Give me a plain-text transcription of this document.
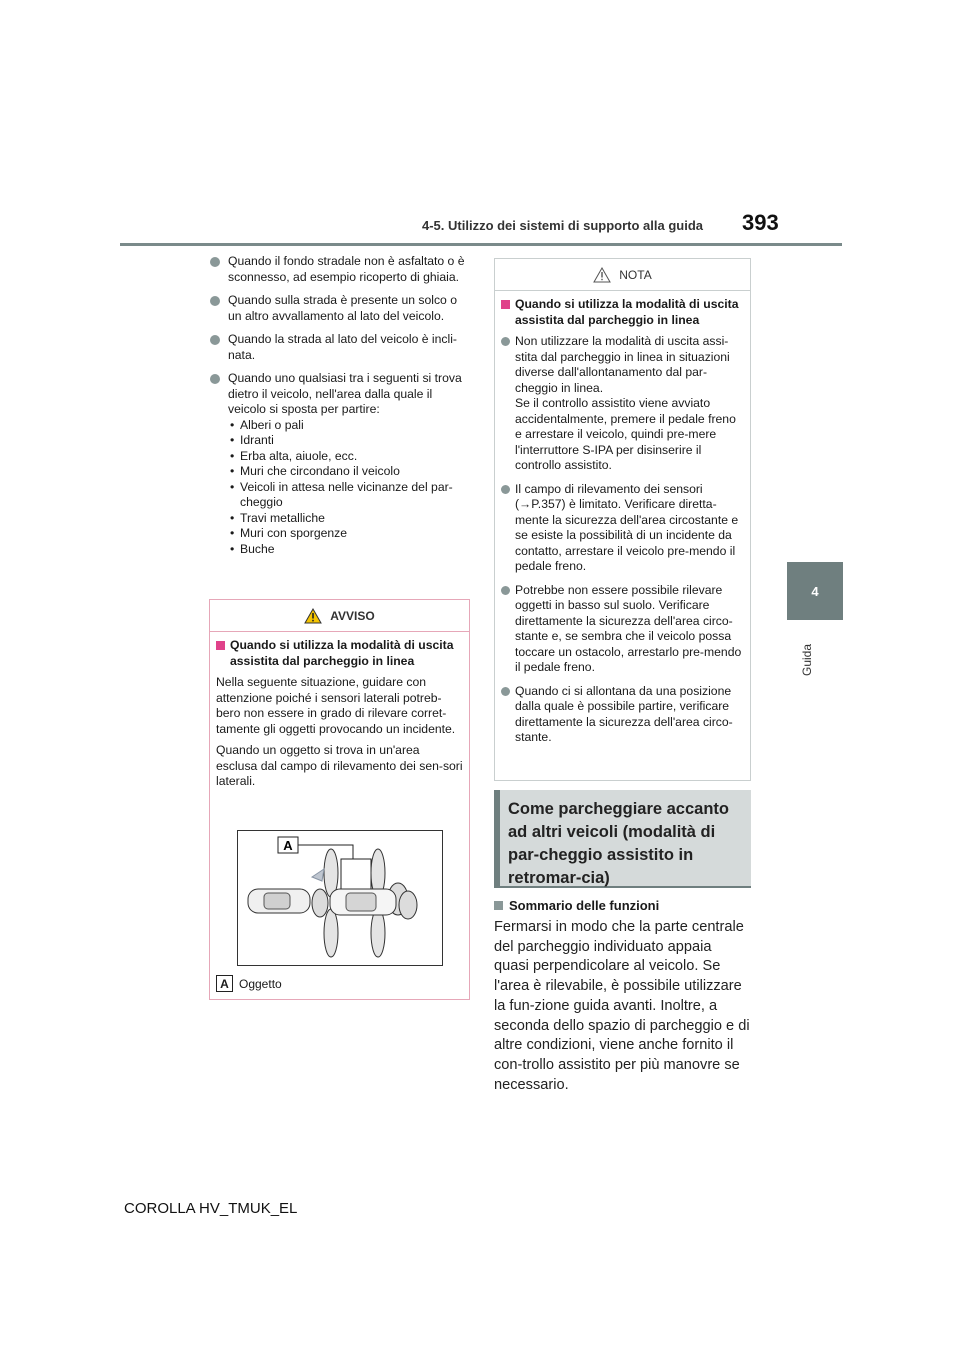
4-5. Utilizzo dei sistemi di supporto alla guida 393
4
Guida
Quando il fondo stradale non è asfaltato o è sconnesso, ad esempio ricoperto di ghiaia.
Quando sulla strada è presente un solco o un altro avvallamento al lato del veicolo.
Quando la strada al lato del veicolo è incli-nata.
Quando uno qualsiasi tra i seguenti si trova dietro il veicolo, nell'area dalla quale il veicolo si sposta per partire:
• Alberi o pali
• Idranti
• Erba alta, aiuole, ecc.
• Muri che circondano il veicolo
• Veicoli in attesa nelle vicinanze del par-cheggio
• Travi metalliche
• Muri con sporgenze
• Buche
AVVISO
Quando si utilizza la modalità di uscita assistita dal parcheggio in linea

Nella seguente situazione, guidare con attenzione poiché i sensori laterali potreb-bero non essere in grado di rilevare corret-tamente gli oggetti provocando un incidente.

Quando un oggetto si trova in un'area esclusa dal campo di rilevamento dei sen-sori laterali.

A
A Oggetto
NOTA
Quando si utilizza la modalità di uscita assistita dal parcheggio in linea
Non utilizzare la modalità di uscita assi-stita dal parcheggio in linea in situazioni diverse dall'allontanamento dal par-cheggio in linea.
Se il controllo assistito viene avviato accidentalmente, premere il pedale freno e arrestare il veicolo, quindi pre-mere l'interruttore S-IPA per disinserire il controllo assistito.
Il campo di rilevamento dei sensori (→P.357) è limitato. Verificare diretta-mente la sicurezza dell'area circostante e se esiste la possibilità di un incidente da contatto, arrestare il veicolo pre-mendo il pedale freno.
Potrebbe non essere possibile rilevare oggetti in basso sul suolo. Verificare direttamente la sicurezza dell'area circo-stante e, se sembra che il veicolo possa toccare un ostacolo, arrestarlo pre-mendo il pedale freno.
Quando ci si allontana da una posizione dalla quale è possibile partire, verificare direttamente la sicurezza dell'area circo-stante.
Come parcheggiare accanto ad altri veicoli (modalità di par-cheggio assistito in retromar-cia)
Sommario delle funzioni
Fermarsi in modo che la parte centrale del parcheggio individuato appaia quasi perpendicolare al veicolo. Se l'area è rilevabile, è possibile utilizzare la fun-zione guida avanti. Inoltre, a seconda dello spazio di parcheggio e di altre condizioni, viene anche fornito il con-trollo assistito per più manovre se necessario.
COROLLA HV_TMUK_EL
